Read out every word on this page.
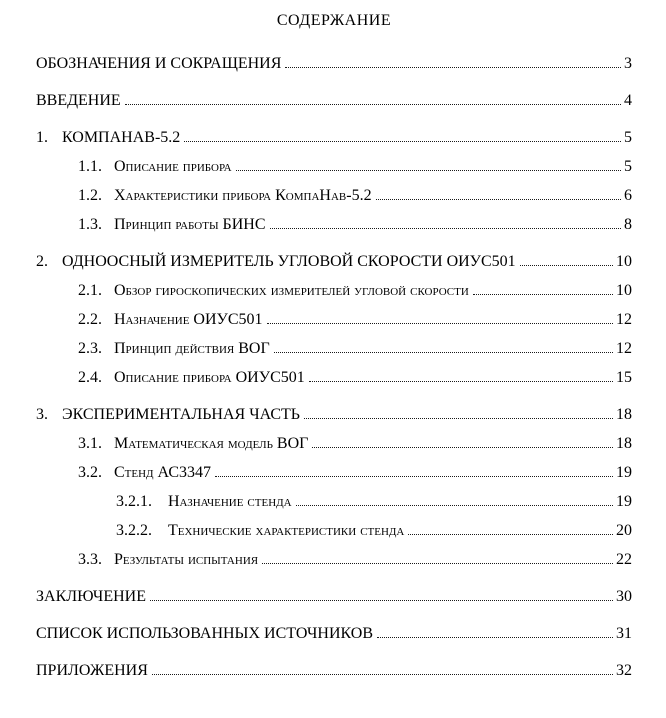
СОДЕРЖАНИЕ
ОБОЗНАЧЕНИЯ И СОКРАЩЕНИЯ	3
ВВЕДЕНИЕ	4
1. КОМПАНАВ-5.2	5
1.1. Описание прибора	5
1.2. Характеристики прибора КомпаНав-5.2	6
1.3. Принцип работы БИНС	8
2. ОДНООСНЫЙ ИЗМЕРИТЕЛЬ УГЛОВОЙ СКОРОСТИ ОИУС501	10
2.1. Обзор гироскопических измерителей угловой скорости	10
2.2. Назначение ОИУС501	12
2.3. Принцип действия ВОГ	12
2.4. Описание прибора ОИУС501	15
3. ЭКСПЕРИМЕНТАЛЬНАЯ ЧАСТЬ	18
3.1. Математическая модель ВОГ	18
3.2. Стенд АС3347	19
3.2.1.	Назначение стенда	19
3.2.2.	Технические характеристики стенда	20
3.3. Результаты испытания	22
ЗАКЛЮЧЕНИЕ	30
СПИСОК ИСПОЛЬЗОВАННЫХ ИСТОЧНИКОВ	31
ПРИЛОЖЕНИЯ	32
